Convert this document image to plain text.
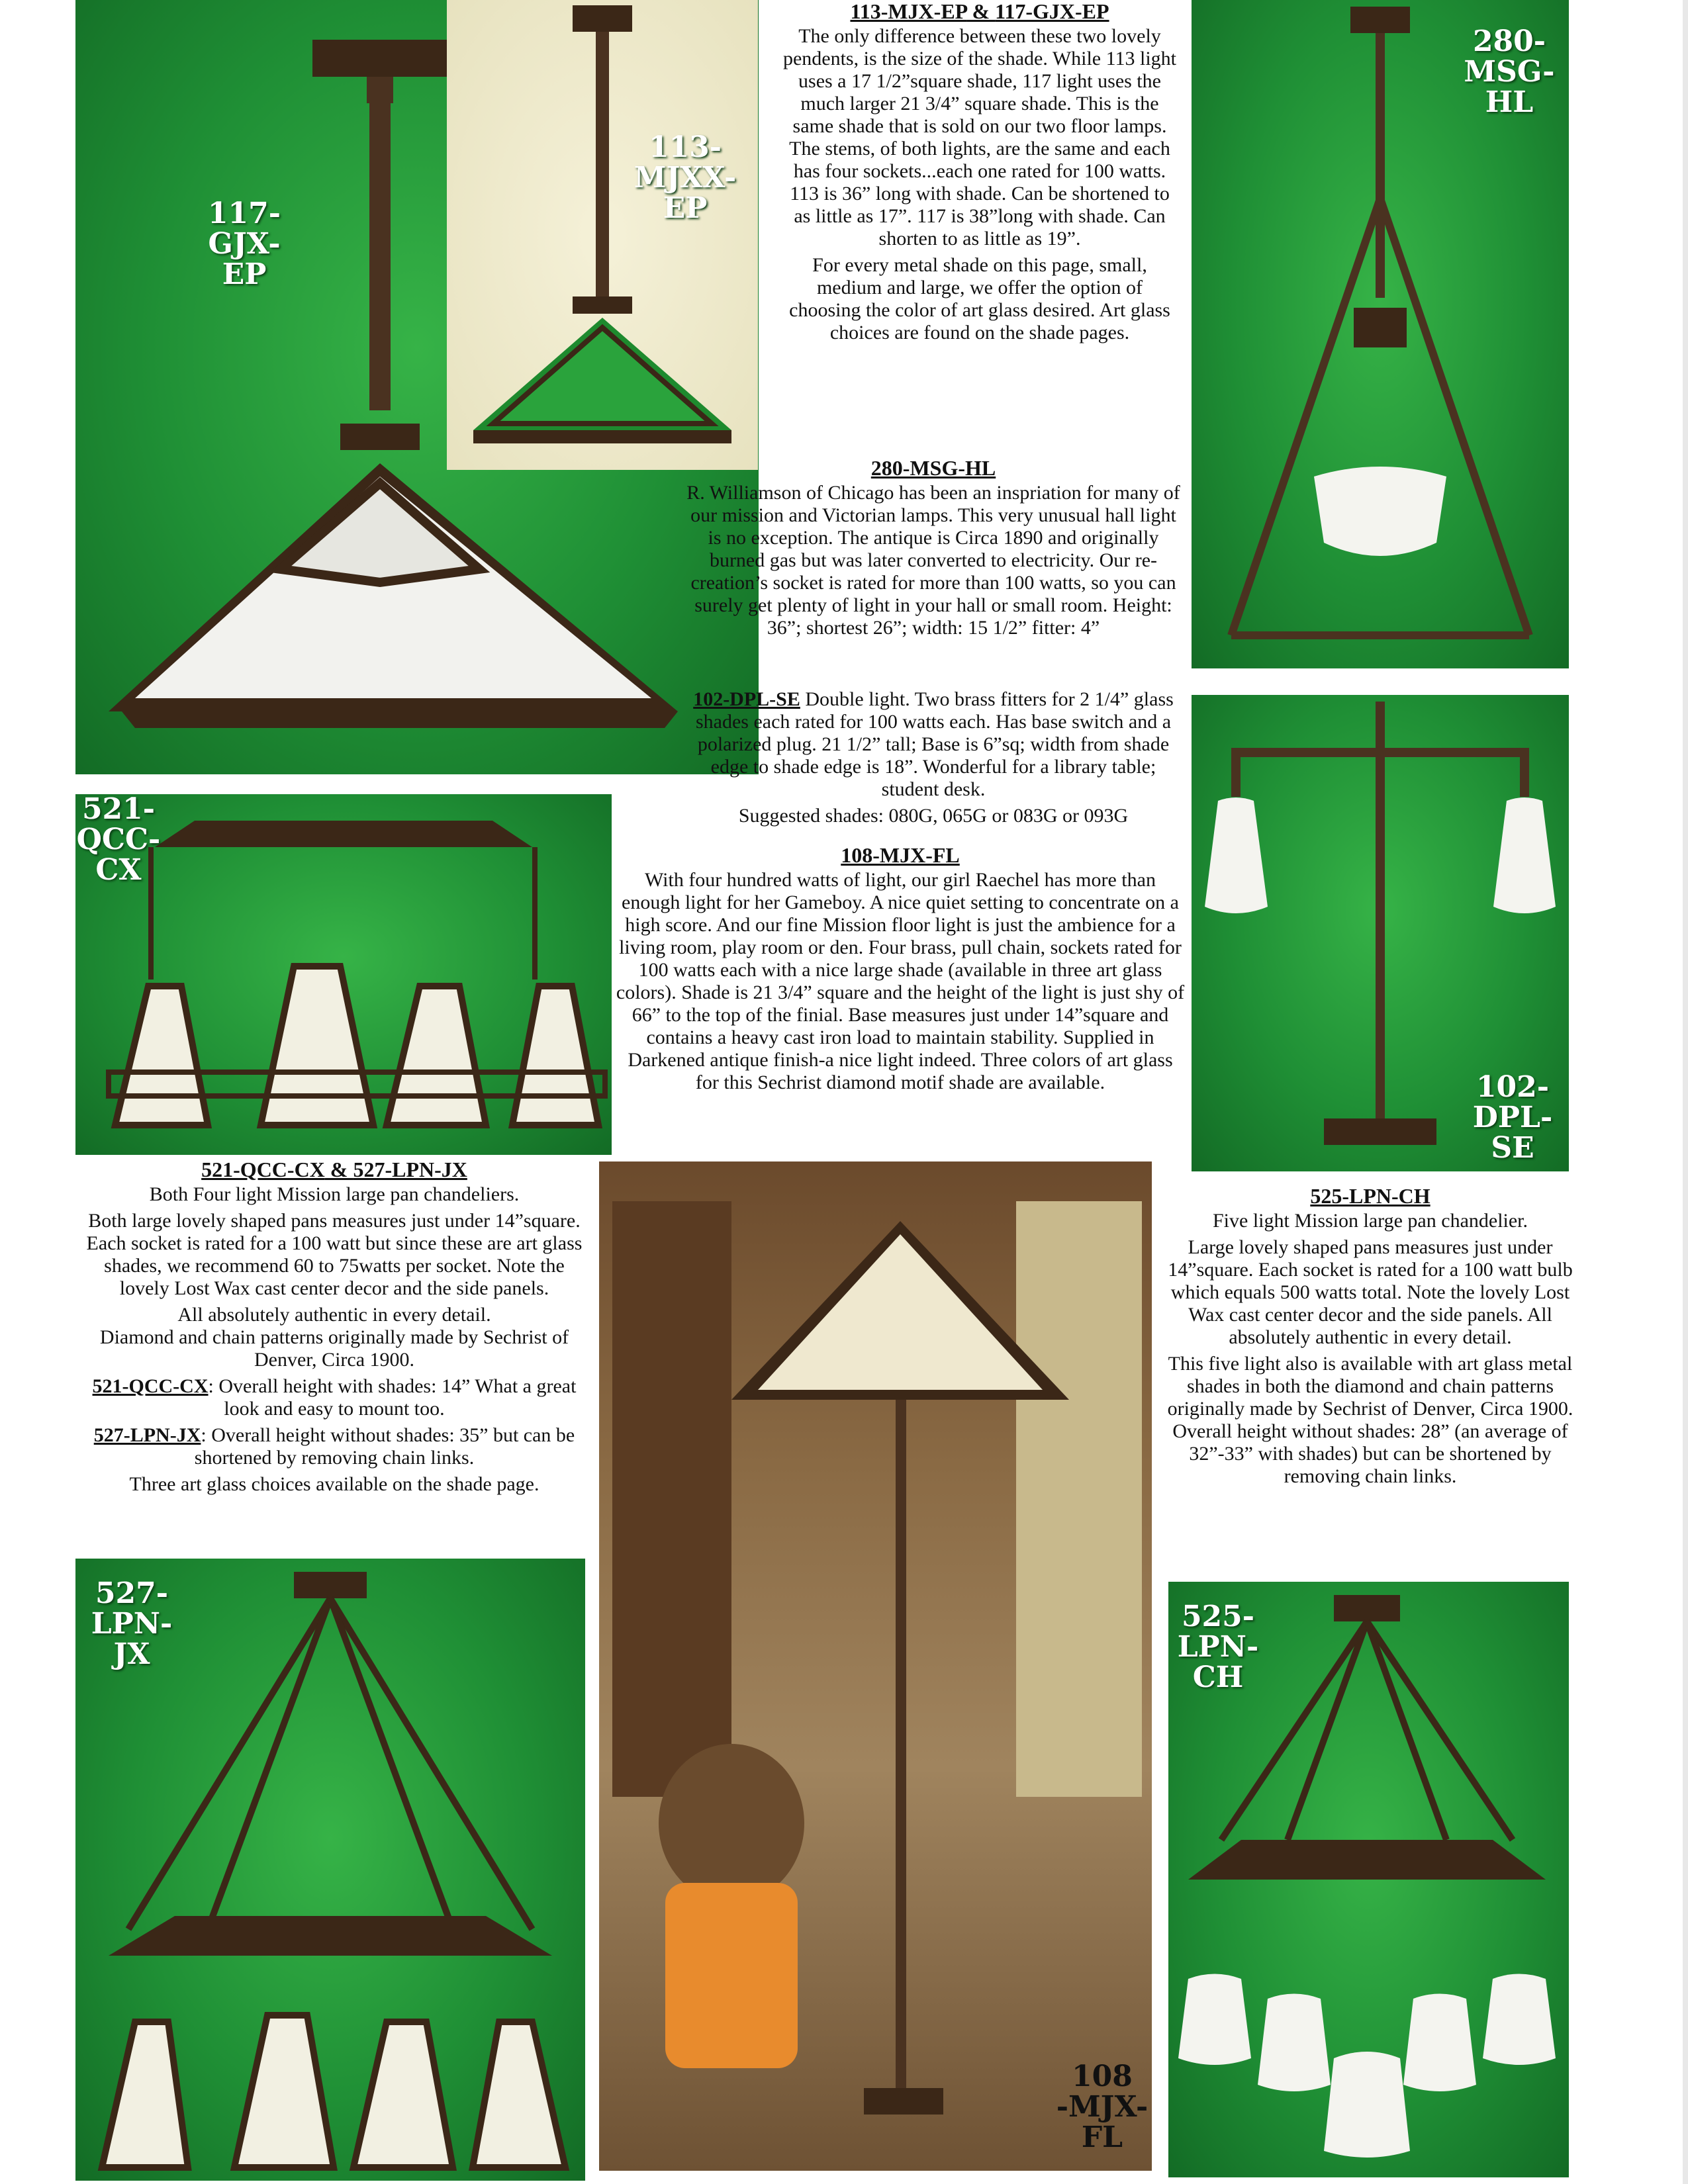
117-
GJX-
EP
113-
MJXX-
EP
280-
MSG-
HL
113-MJX-EP & 117-GJX-EP

The only difference between these two lovely pendents, is the size of the shade. While 113 light uses a 17 1/2”square shade, 117 light uses the much larger 21 3/4” square shade. This is the same shade that is sold on our two floor lamps. The stems, of both lights, are the same and each has four sockets...each one rated for 100 watts. 113 is 36” long with shade. Can be shortened to as little as 17”. 117 is 38”long with shade. Can shorten to as little as 19”.

For every metal shade on this page, small, medium and large, we offer the option of choosing the color of art glass desired. Art glass choices are found on the shade pages.

280-MSG-HL

R. Williamson of Chicago has been an inspriation for many of our mission and Victorian lamps. This very unusual hall light is no exception. The antique is Circa 1890 and originally burned gas but was later converted to electricity. Our re-creation’s socket is rated for more than 100 watts, so you can surely get plenty of light in your hall or small room. Height: 36”; shortest 26”; width: 15 1/2” fitter: 4”

102-DPL-SE Double light. Two brass fitters for 2 1/4” glass shades each rated for 100 watts each. Has base switch and a polarized plug. 21 1/2” tall; Base is 6”sq; width from shade edge to shade edge is 18”. Wonderful for a library table; student desk.

Suggested shades: 080G, 065G or 083G or 093G

102-
DPL-
SE
521-
QCC-
CX	108-MJX-FL

With four hundred watts of light, our girl Raechel has more than enough light for her Gameboy. A nice quiet setting to concentrate on a high score. And our fine Mission floor light is just the ambience for a living room, play room or den. Four brass, pull chain, sockets rated for 100 watts each with a nice large shade (available in three art glass colors). Shade is 21 3/4” square and the height of the light is just shy of 66” to the top of the finial. Base measures just under 14”square and contains a heavy cast iron load to maintain stability. Supplied in Darkened antique finish-a nice light indeed. Three colors of art glass for this Sechrist diamond motif shade are available.

521-QCC-CX & 527-LPN-JX

Both Four light Mission large pan chandeliers.

Both large lovely shaped pans measures just under 14”square. Each socket is rated for a 100 watt but since these are art glass shades, we recommend 60 to 75watts per socket. Note the lovely Lost Wax cast center decor and the side panels.

All absolutely authentic in every detail.

Diamond and chain patterns originally made by Sechrist of Denver, Circa 1900.

521-QCC-CX: Overall height with shades: 14” What a great look and easy to mount too.

527-LPN-JX: Overall height without shades: 35” but can be shortened by removing chain links.

Three art glass choices available on the shade page.

108
-MJX-
FL
525-LPN-CH

Five light Mission large pan chandelier.

Large lovely shaped pans measures just under 14”square. Each socket is rated for a 100 watt bulb which equals 500 watts total. Note the lovely Lost Wax cast center decor and the side panels. All absolutely authentic in every detail.

This five light also is available with art glass metal shades in both the diamond and chain patterns originally made by Sechrist of Denver, Circa 1900.

Overall height without shades: 28” (an average of 32”-33” with shades) but can be shortened by removing chain links.

527-
LPN-
JX
525-
LPN-
CH
